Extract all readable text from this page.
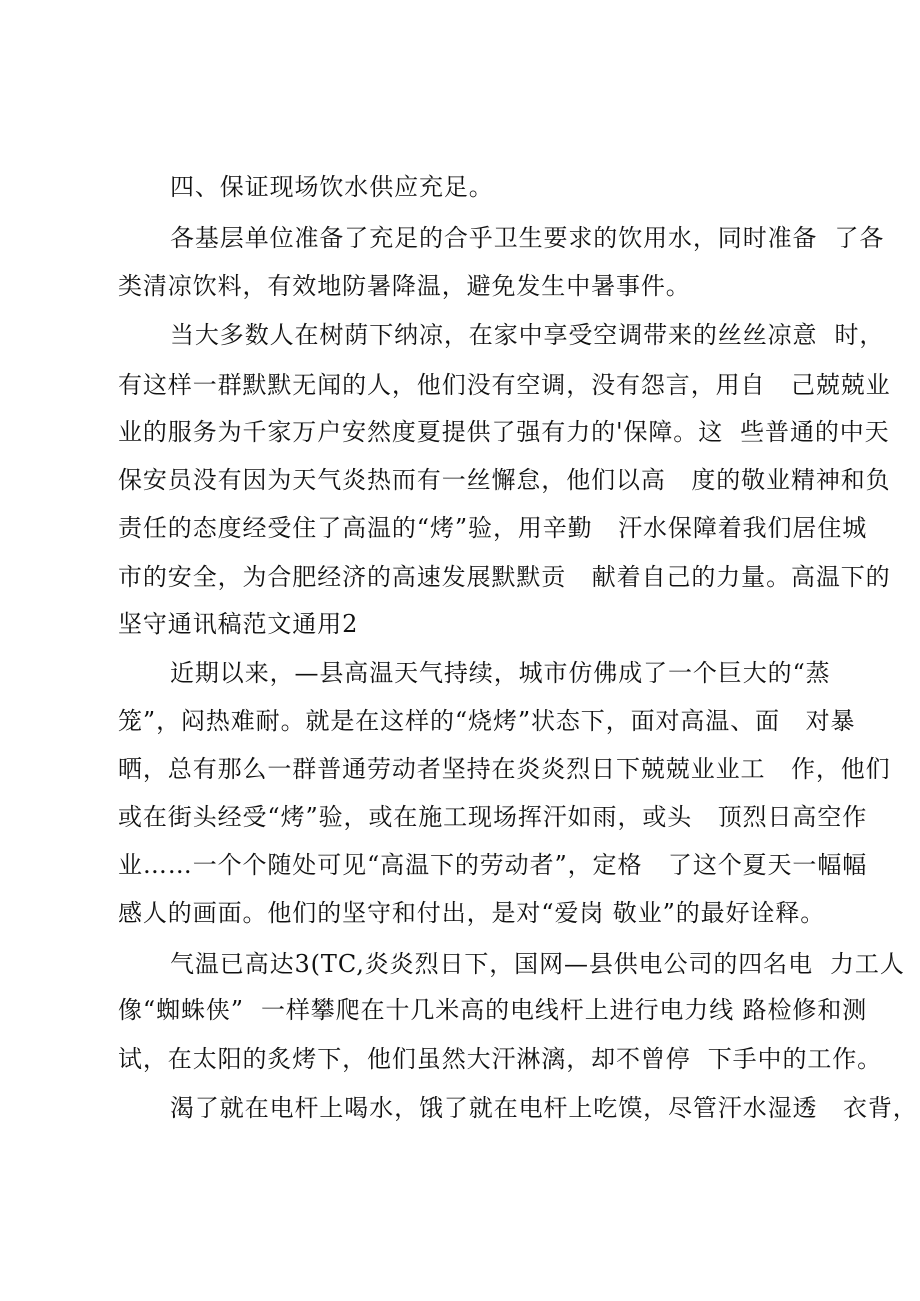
四、保证现场饮水供应充足。
各基层单位准备了充足的合乎卫生要求的饮用水，同时准备  了各
类清凉饮料，有效地防暑降温，避免发生中暑事件。
当大多数人在树荫下纳凉，在家中享受空调带来的丝丝凉意  时，
有这样一群默默无闻的人，他们没有空调，没有怨言，用自   己兢兢业
业的服务为千家万户安然度夏提供了强有力的'保障。这  些普通的中天
保安员没有因为天气炎热而有一丝懈怠，他们以高   度的敬业精神和负
责任的态度经受住了高温的“烤”验，用辛勤   汗水保障着我们居住城
市的安全，为合肥经济的高速发展默默贡   献着自己的力量。高温下的
坚守通讯稿范文通用2
近期以来，—县高温天气持续，城市仿佛成了一个巨大的“蒸
笼”，闷热难耐。就是在这样的“烧烤”状态下，面对高温、面   对暴
晒，总有那么一群普通劳动者坚持在炎炎烈日下兢兢业业工   作，他们
或在街头经受“烤”验，或在施工现场挥汗如雨，或头   顶烈日高空作
业……一个个随处可见“高温下的劳动者”，定格   了这个夏天一幅幅
感人的画面。他们的坚守和付出，是对“爱岗 敬业”的最好诠释。
气温已高达3(TC,炎炎烈日下，国网—县供电公司的四名电  力工人
像“蜘蛛侠”  一样攀爬在十几米高的电线杆上进行电力线 路检修和测
试，在太阳的炙烤下，他们虽然大汗淋漓，却不曾停  下手中的工作。
渴了就在电杆上喝水，饿了就在电杆上吃馍，尽管汗水湿透   衣背，
